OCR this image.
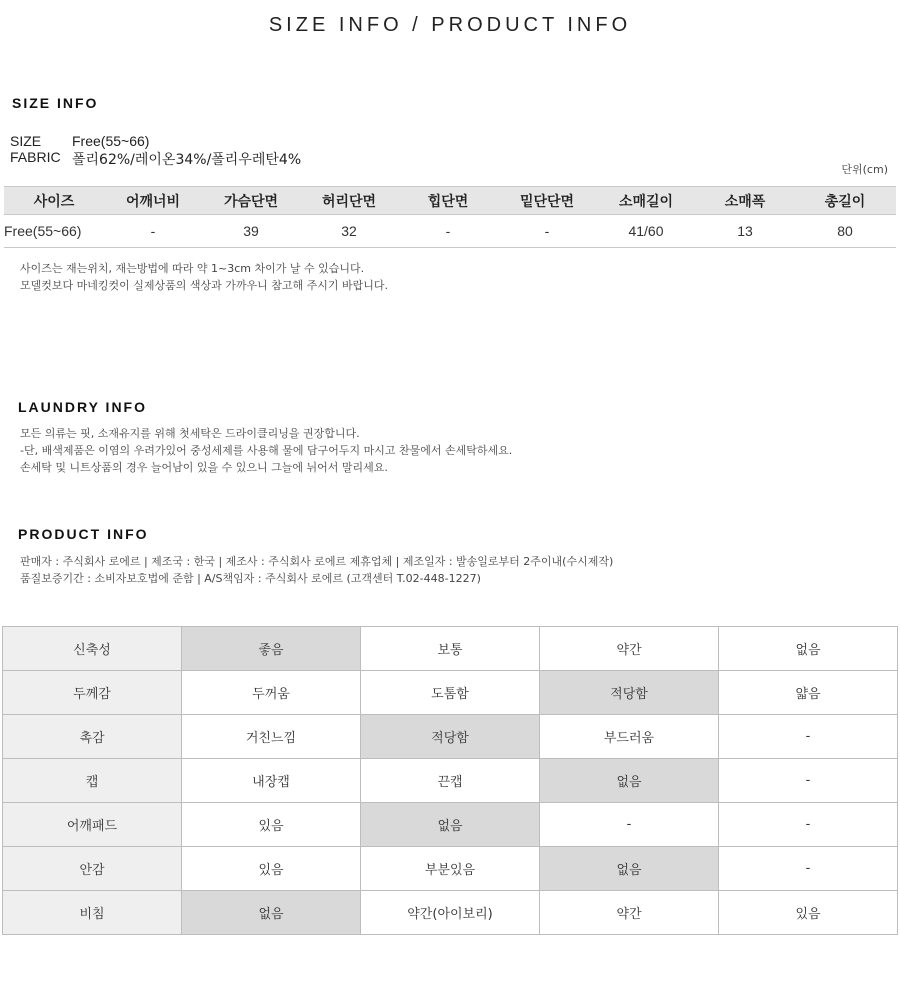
SIZE INFO / PRODUCT INFO
SIZE INFO
SIZE	Free(55~66)
FABRIC 폴리62%/레이온34%/폴리우레탄4%
단위(cm)
사이즈	어깨너비	가슴단면	허리단면	힙단면	밑단단면	소매길이	소매폭	총길이
Free(55~66)	-	39	32	-	-	41/60	13	80
사이즈는 재는위치, 재는방법에 따라 약 1~3cm 차이가 날 수 있습니다.
모델컷보다 마네킹컷이 실제상품의 색상과 가까우니 참고해 주시기 바랍니다.
LAUNDRY INFO
모든 의류는 핏, 소재유지를 위해 첫세탁은 드라이클리닝을 권장합니다.
-단, 배색제품은 이염의 우려가있어 중성세제를 사용해 물에 담구어두지 마시고 찬물에서 손세탁하세요.
손세탁 및 니트상품의 경우 늘어남이 있을 수 있으니 그늘에 뉘어서 말리세요.
PRODUCT INFO
판매자 : 주식회사 로에르 | 제조국 : 한국 | 제조사 : 주식회사 로에르 제휴업체 | 제조일자 : 발송일로부터 2주이내(수시제작)
품질보증기간 : 소비자보호법에 준함 | A/S책임자 : 주식회사 로에르 (고객센터 T.02-448-1227)
신축성	좋음	보통	약간	없음
두께감	두꺼움	도톰함	적당함	얇음
촉감	거친느낌	적당함	부드러움	-
캡	내장캡	끈캡	없음	-
어깨패드	있음	없음	-	-
안감	있음	부분있음	없음	-
비침	없음	약간(아이보리)	약간	있음
